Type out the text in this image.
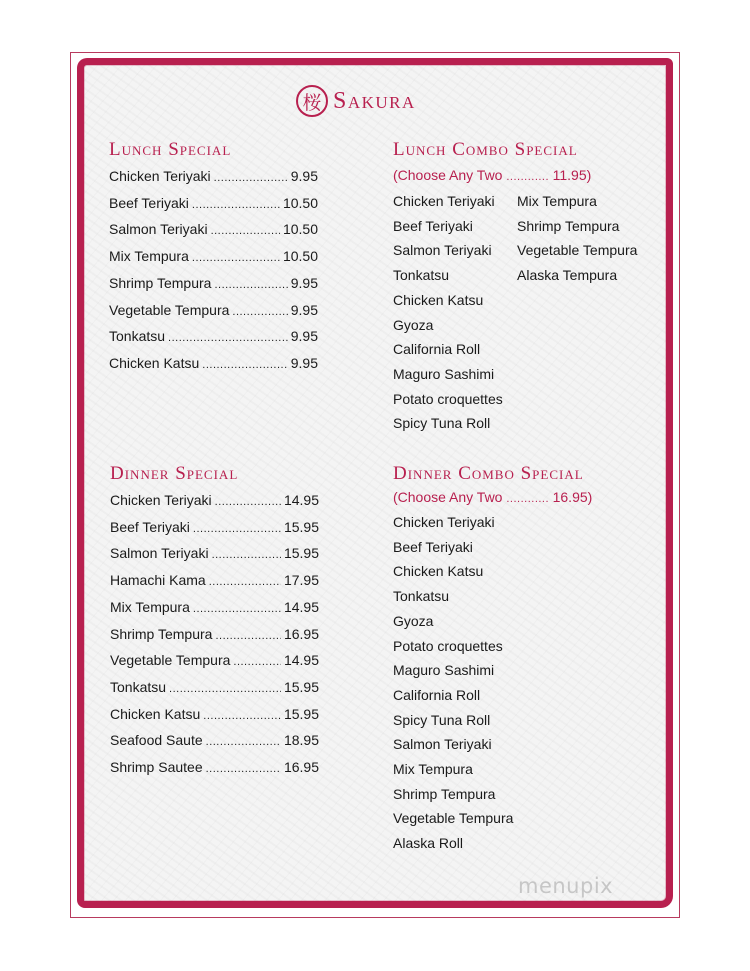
桜 Sakura
Lunch Special
Chicken Teriyaki .....	9.95
Beef Teriyaki .....	10.50
Salmon Teriyaki .....	10.50
Mix Tempura .....	10.50
Shrimp Tempura .....	9.95
Vegetable Tempura .....	9.95
Tonkatsu .....	9.95
Chicken Katsu .....	9.95
Lunch Combo Special
(Choose Any Two ............ 11.95)
Chicken Teriyaki
Beef Teriyaki
Salmon Teriyaki
Tonkatsu
Chicken Katsu
Gyoza
California Roll
Maguro Sashimi
Potato croquettes
Spicy Tuna Roll
Mix Tempura
Shrimp Tempura
Vegetable Tempura
Alaska Tempura
Dinner Special
Chicken Teriyaki .....	14.95
Beef Teriyaki .....	15.95
Salmon Teriyaki .....	15.95
Hamachi Kama .....	17.95
Mix Tempura .....	14.95
Shrimp Tempura .....	16.95
Vegetable Tempura .....	14.95
Tonkatsu .....	15.95
Chicken Katsu .....	15.95
Seafood Saute .....	18.95
Shrimp Sautee .....	16.95
Dinner Combo Special
(Choose Any Two ............ 16.95)
Chicken Teriyaki
Beef Teriyaki
Chicken Katsu
Tonkatsu
Gyoza
Potato croquettes
Maguro Sashimi
California Roll
Spicy Tuna Roll
Salmon Teriyaki
Mix Tempura
Shrimp Tempura
Vegetable Tempura
Alaska Roll
menupix
